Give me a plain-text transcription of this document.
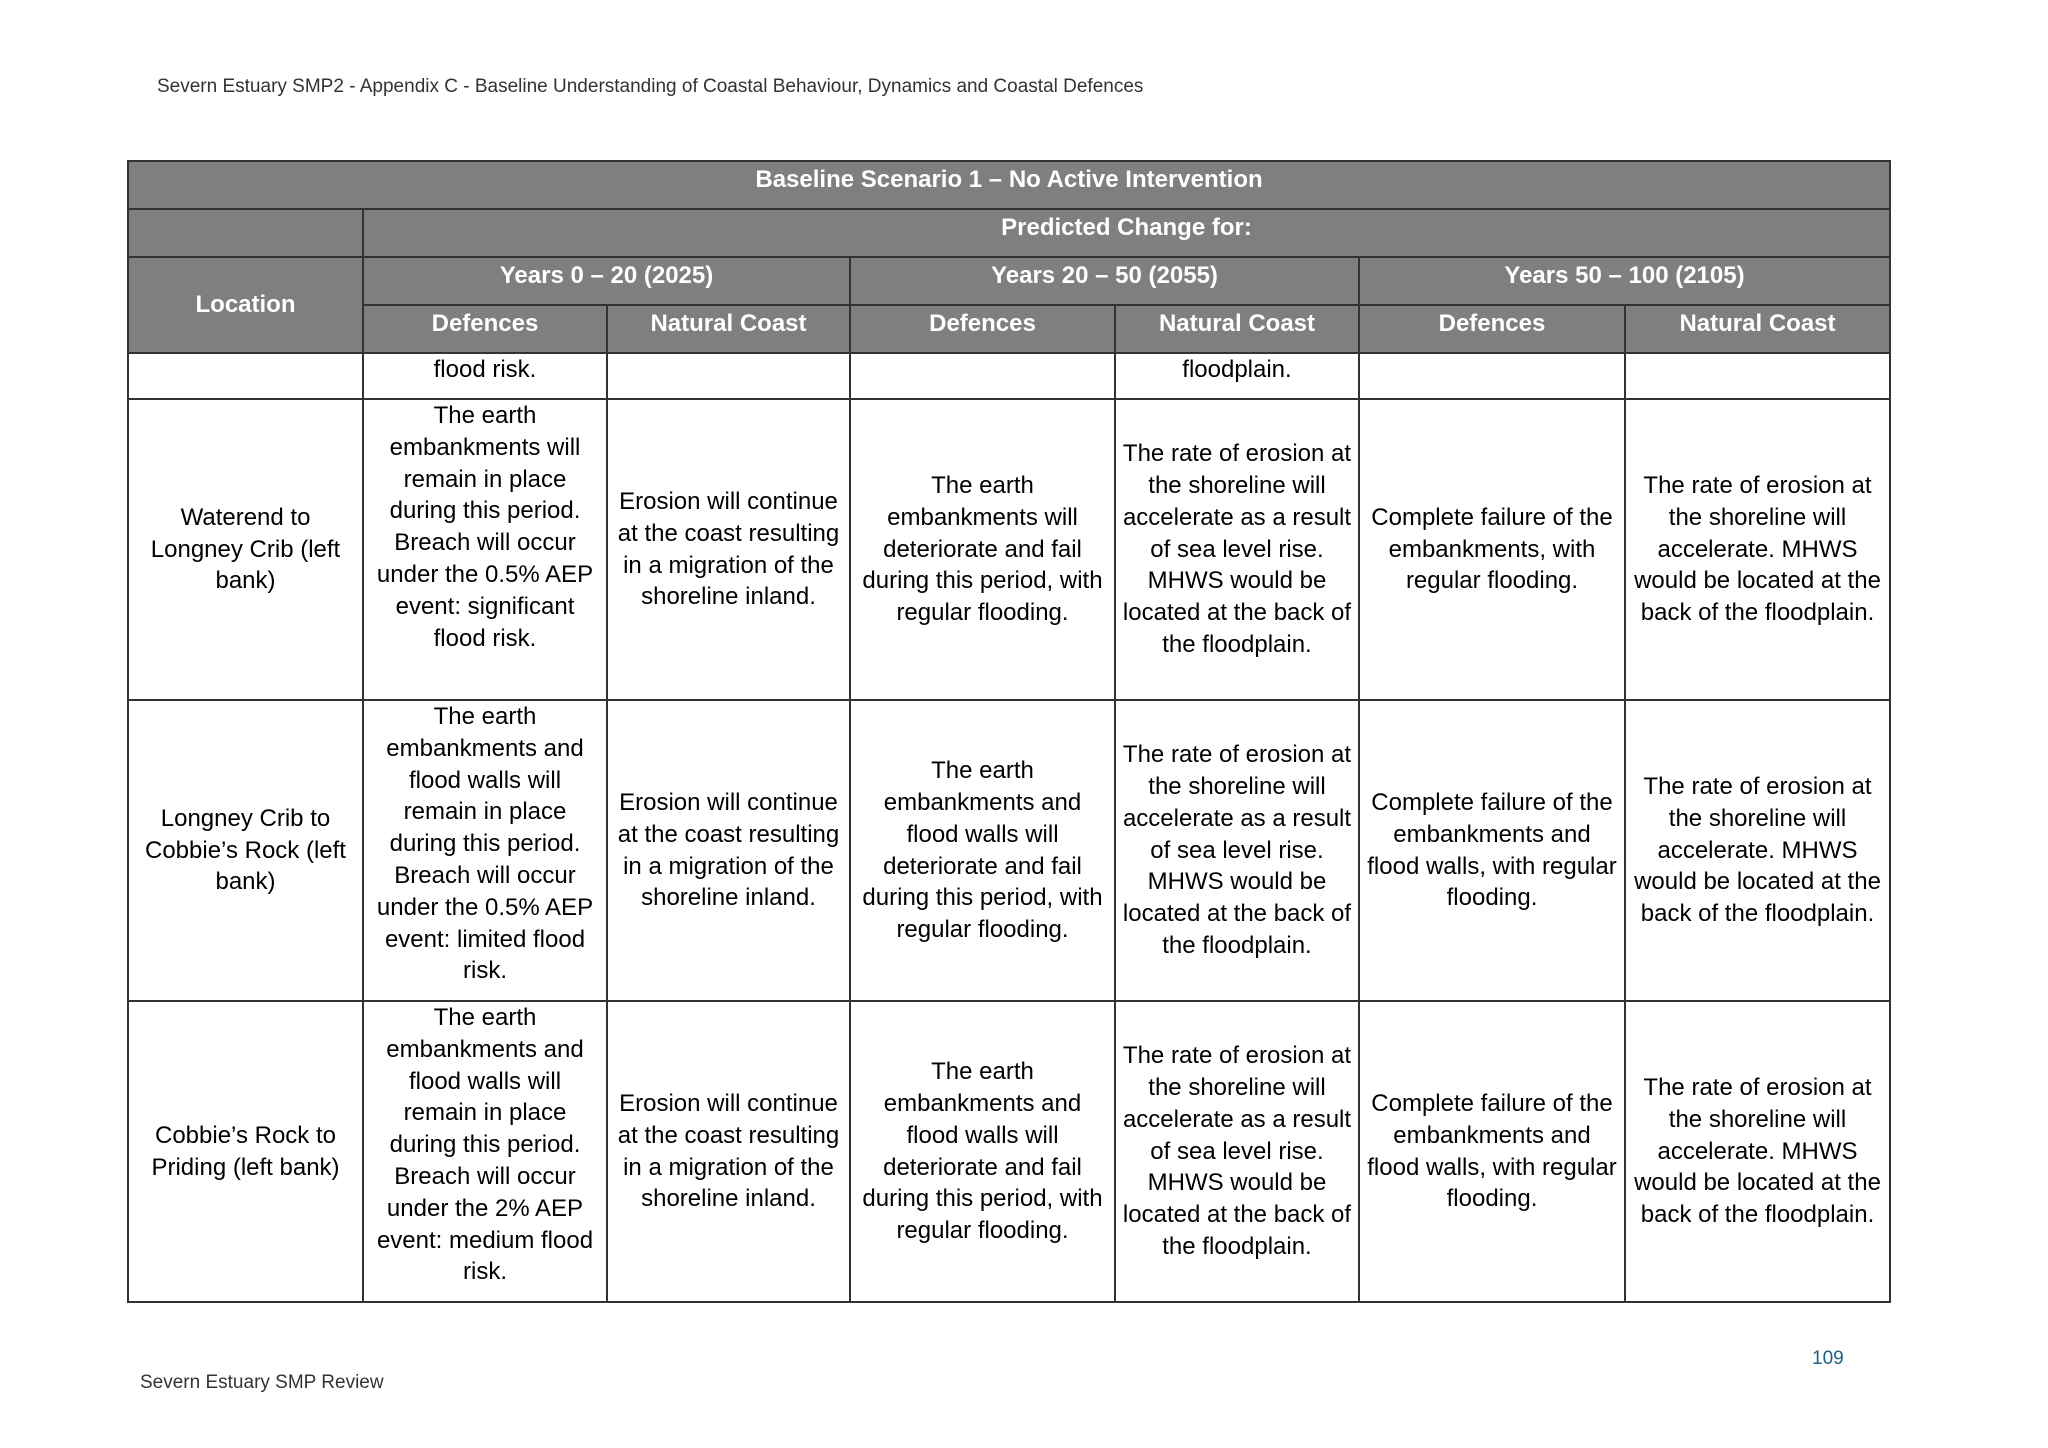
Severn Estuary SMP2 - Appendix C - Baseline Understanding of Coastal Behaviour, Dynamics and Coastal Defences
Baseline Scenario 1 – No Active Intervention						
	Predicted Change for:					
Location	Years 0 – 20 (2025)		Years 20 – 50 (2055)		Years 50 – 100 (2105)	
	Defences	Natural Coast	Defences	Natural Coast	Defences	Natural Coast
	flood risk.			floodplain.		
Waterend to Longney Crib (left bank)	The earth embankments will remain in place during this period. Breach will occur under the 0.5% AEP event: significant flood risk.	Erosion will continue at the coast resulting in a migration of the shoreline inland.	The earth embankments will deteriorate and fail during this period, with regular flooding.	The rate of erosion at the shoreline will accelerate as a result of sea level rise. MHWS would be located at the back of the floodplain.	Complete failure of the embankments, with regular flooding.	The rate of erosion at the shoreline will accelerate. MHWS would be located at the back of the floodplain.
Longney Crib to Cobbie’s Rock (left bank)	The earth embankments and flood walls will remain in place during this period. Breach will occur under the 0.5% AEP event: limited flood risk.	Erosion will continue at the coast resulting in a migration of the shoreline inland.	The earth embankments and flood walls will deteriorate and fail during this period, with regular flooding.	The rate of erosion at the shoreline will accelerate as a result of sea level rise. MHWS would be located at the back of the floodplain.	Complete failure of the embankments and flood walls, with regular flooding.	The rate of erosion at the shoreline will accelerate. MHWS would be located at the back of the floodplain.
Cobbie’s Rock to Priding (left bank)	The earth embankments and flood walls will remain in place during this period. Breach will occur under the 2% AEP event: medium flood risk.	Erosion will continue at the coast resulting in a migration of the shoreline inland.	The earth embankments and flood walls will deteriorate and fail during this period, with regular flooding.	The rate of erosion at the shoreline will accelerate as a result of sea level rise. MHWS would be located at the back of the floodplain.	Complete failure of the embankments and flood walls, with regular flooding.	The rate of erosion at the shoreline will accelerate. MHWS would be located at the back of the floodplain.
109
Severn Estuary SMP Review
